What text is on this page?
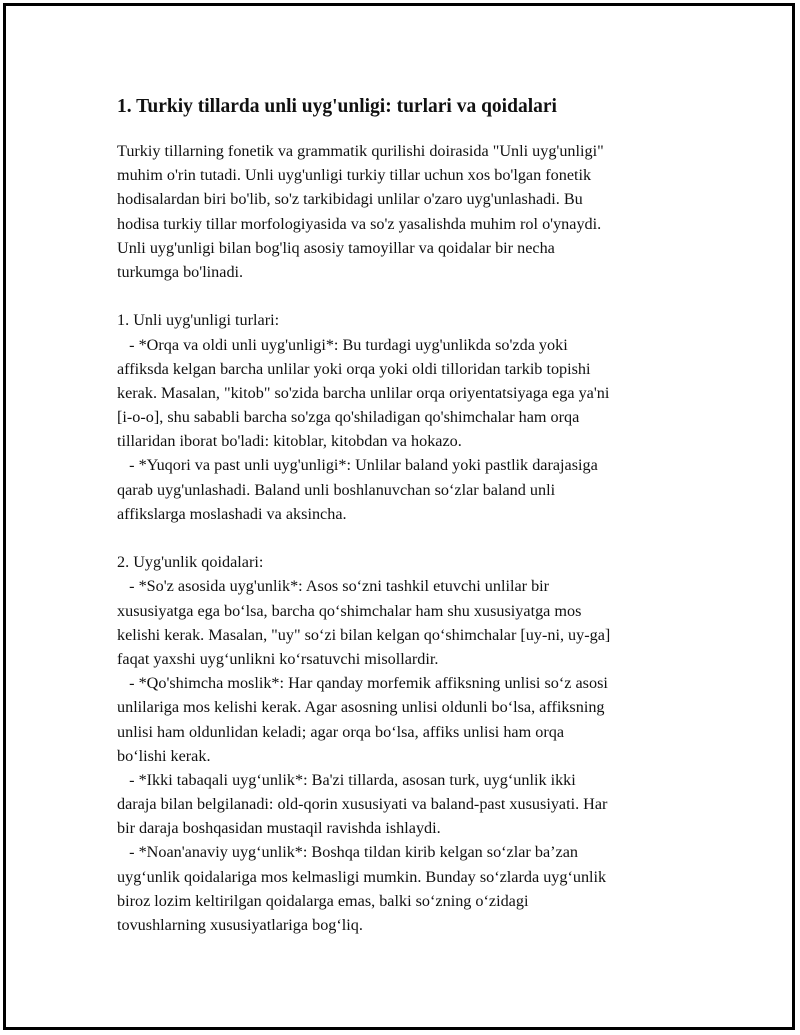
1. Turkiy tillarda unli uyg'unligi: turlari va qoidalari
Turkiy tillarning fonetik va grammatik qurilishi doirasida "Unli uyg'unligi"
muhim o'rin tutadi. Unli uyg'unligi turkiy tillar uchun xos bo'lgan fonetik
hodisalardan biri bo'lib, so'z tarkibidagi unlilar o'zaro uyg'unlashadi. Bu
hodisa turkiy tillar morfologiyasida va so'z yasalishda muhim rol o'ynaydi.
Unli uyg'unligi bilan bog'liq asosiy tamoyillar va qoidalar bir necha
turkumga bo'linadi.
1. Unli uyg'unligi turlari:
- *Orqa va oldi unli uyg'unligi*: Bu turdagi uyg'unlikda so'zda yoki
affiksda kelgan barcha unlilar yoki orqa yoki oldi tilloridan tarkib topishi
kerak. Masalan, "kitob" so'zida barcha unlilar orqa oriyentatsiyaga ega ya'ni
[i-o-o], shu sababli barcha so'zga qo'shiladigan qo'shimchalar ham orqa
tillaridan iborat bo'ladi: kitoblar, kitobdan va hokazo.
- *Yuqori va past unli uyg'unligi*: Unlilar baland yoki pastlik darajasiga
qarab uyg'unlashadi. Baland unli boshlanuvchan so‘zlar baland unli
affikslarga moslashadi va aksincha.
2. Uyg'unlik qoidalari:
- *So'z asosida uyg'unlik*: Asos so‘zni tashkil etuvchi unlilar bir
xususiyatga ega bo‘lsa, barcha qo‘shimchalar ham shu xususiyatga mos
kelishi kerak. Masalan, "uy" so‘zi bilan kelgan qo‘shimchalar [uy-ni, uy-ga]
faqat yaxshi uyg‘unlikni ko‘rsatuvchi misollardir.
- *Qo'shimcha moslik*: Har qanday morfemik affiksning unlisi so‘z asosi
unlilariga mos kelishi kerak. Agar asosning unlisi oldunli bo‘lsa, affiksning
unlisi ham oldunlidan keladi; agar orqa bo‘lsa, affiks unlisi ham orqa
bo‘lishi kerak.
- *Ikki tabaqali uyg‘unlik*: Ba'zi tillarda, asosan turk, uyg‘unlik ikki
daraja bilan belgilanadi: old-qorin xususiyati va baland-past xususiyati. Har
bir daraja boshqasidan mustaqil ravishda ishlaydi.
- *Noan'anaviy uyg‘unlik*: Boshqa tildan kirib kelgan so‘zlar ba’zan
uyg‘unlik qoidalariga mos kelmasligi mumkin. Bunday so‘zlarda uyg‘unlik
biroz lozim keltirilgan qoidalarga emas, balki so‘zning o‘zidagi
tovushlarning xususiyatlariga bog‘liq.
